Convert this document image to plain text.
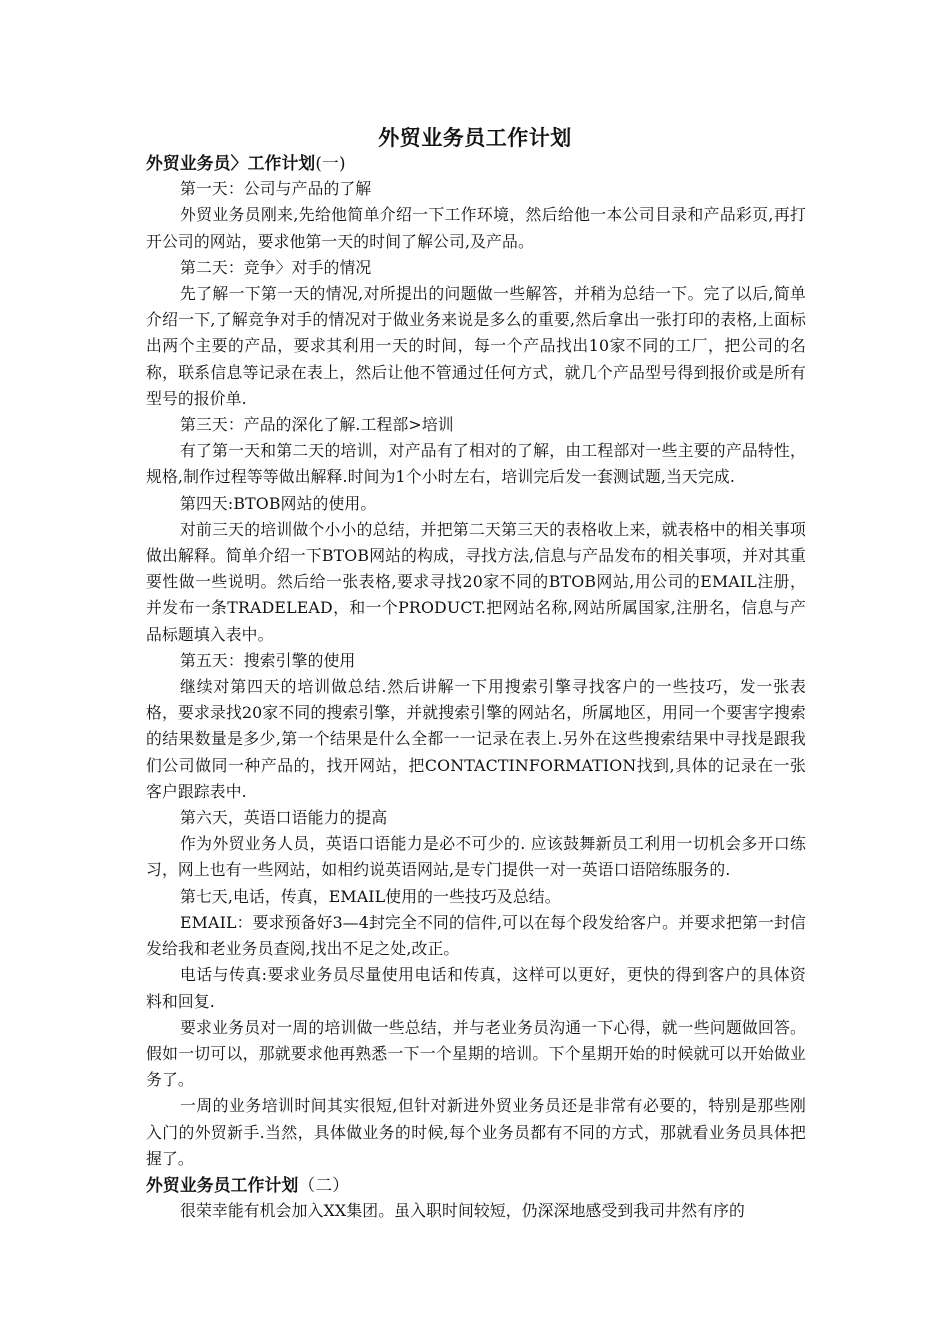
外贸业务员工作计划
外贸业务员〉工作计划(一)

第一天：公司与产品的了解

外贸业务员刚来,先给他简单介绍一下工作环境，然后给他一本公司目录和产品彩页,再打开公司的网站，要求他第一天的时间了解公司,及产品。

第二天：竞争〉对手的情况

先了解一下第一天的情况,对所提出的问题做一些解答，并稍为总结一下。完了以后,简单介绍一下,了解竞争对手的情况对于做业务来说是多么的重要,然后拿出一张打印的表格,上面标出两个主要的产品，要求其利用一天的时间，每一个产品找出10家不同的工厂，把公司的名称，联系信息等记录在表上，然后让他不管通过任何方式，就几个产品型号得到报价或是所有型号的报价单.

第三天：产品的深化了解.工程部>培训

有了第一天和第二天的培训，对产品有了相对的了解，由工程部对一些主要的产品特性，规格,制作过程等等做出解释.时间为1个小时左右，培训完后发一套测试题,当天完成.

第四天:BTOB网站的使用。

对前三天的培训做个小小的总结，并把第二天第三天的表格收上来，就表格中的相关事项做出解释。简单介绍一下BTOB网站的构成，寻找方法,信息与产品发布的相关事项，并对其重要性做一些说明。然后给一张表格,要求寻找20家不同的BTOB网站,用公司的EMAIL注册，并发布一条TRADELEAD，和一个PRODUCT.把网站名称,网站所属国家,注册名，信息与产品标题填入表中。

第五天：搜索引擎的使用

继续对第四天的培训做总结.然后讲解一下用搜索引擎寻找客户的一些技巧，发一张表格，要求录找20家不同的搜索引擎，并就搜索引擎的网站名，所属地区，用同一个要害字搜索的结果数量是多少,第一个结果是什么全都一一记录在表上.另外在这些搜索结果中寻找是跟我们公司做同一种产品的，找开网站，把CONTACTINFORMATION找到,具体的记录在一张客户跟踪表中.

第六天，英语口语能力的提高

作为外贸业务人员，英语口语能力是必不可少的. 应该鼓舞新员工利用一切机会多开口练习，网上也有一些网站，如相约说英语网站,是专门提供一对一英语口语陪练服务的.

第七天,电话，传真，EMAIL使用的一些技巧及总结。

EMAIL：要求预备好3—4封完全不同的信件,可以在每个段发给客户。并要求把第一封信发给我和老业务员查阅,找出不足之处,改正。

电话与传真:要求业务员尽量使用电话和传真，这样可以更好，更快的得到客户的具体资料和回复.

要求业务员对一周的培训做一些总结，并与老业务员沟通一下心得，就一些问题做回答。假如一切可以，那就要求他再熟悉一下一个星期的培训。下个星期开始的时候就可以开始做业务了。

一周的业务培训时间其实很短,但针对新进外贸业务员还是非常有必要的，特别是那些刚入门的外贸新手.当然，具体做业务的时候,每个业务员都有不同的方式，那就看业务员具体把握了。

外贸业务员工作计划（二）

很荣幸能有机会加入XX集团。虽入职时间较短，仍深深地感受到我司井然有序的
